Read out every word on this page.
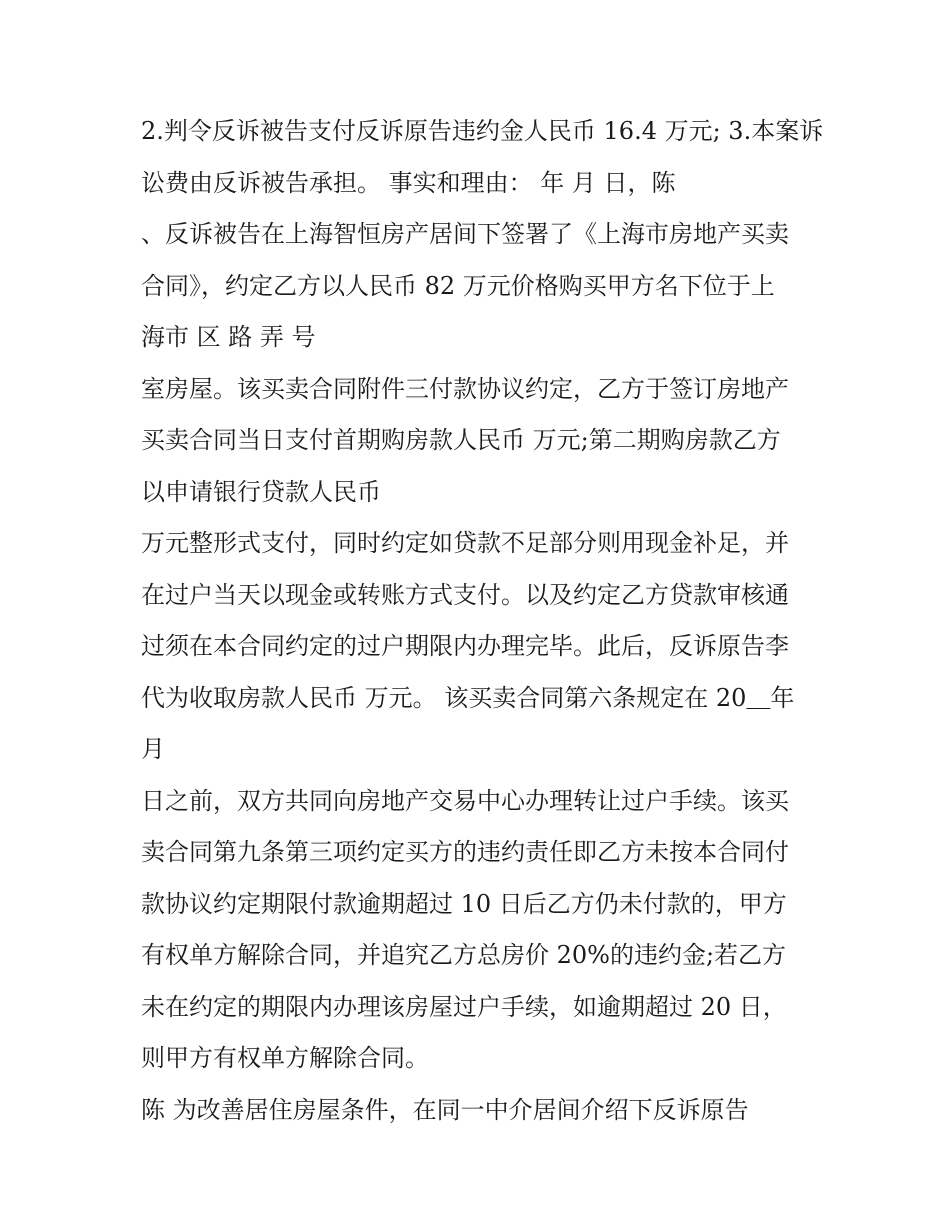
2.判令反诉被告支付反诉原告违约金人民币 16.4 万元; 3.本案诉
讼费由反诉被告承担。 事实和理由： 年 月 日，陈
、反诉被告在上海智恒房产居间下签署了《上海市房地产买卖
合同》，约定乙方以人民币 82 万元价格购买甲方名下位于上
海市 区 路 弄 号
室房屋。该买卖合同附件三付款协议约定，乙方于签订房地产
买卖合同当日支付首期购房款人民币 万元;第二期购房款乙方
以申请银行贷款人民币
万元整形式支付，同时约定如贷款不足部分则用现金补足，并
在过户当天以现金或转账方式支付。以及约定乙方贷款审核通
过须在本合同约定的过户期限内办理完毕。此后，反诉原告李
代为收取房款人民币 万元。 该买卖合同第六条规定在 20＿年
月
日之前，双方共同向房地产交易中心办理转让过户手续。该买
卖合同第九条第三项约定买方的违约责任即乙方未按本合同付
款协议约定期限付款逾期超过 10 日后乙方仍未付款的，甲方
有权单方解除合同，并追究乙方总房价 20%的违约金;若乙方
未在约定的期限内办理该房屋过户手续，如逾期超过 20 日，
则甲方有权单方解除合同。
陈 为改善居住房屋条件，在同一中介居间介绍下反诉原告
